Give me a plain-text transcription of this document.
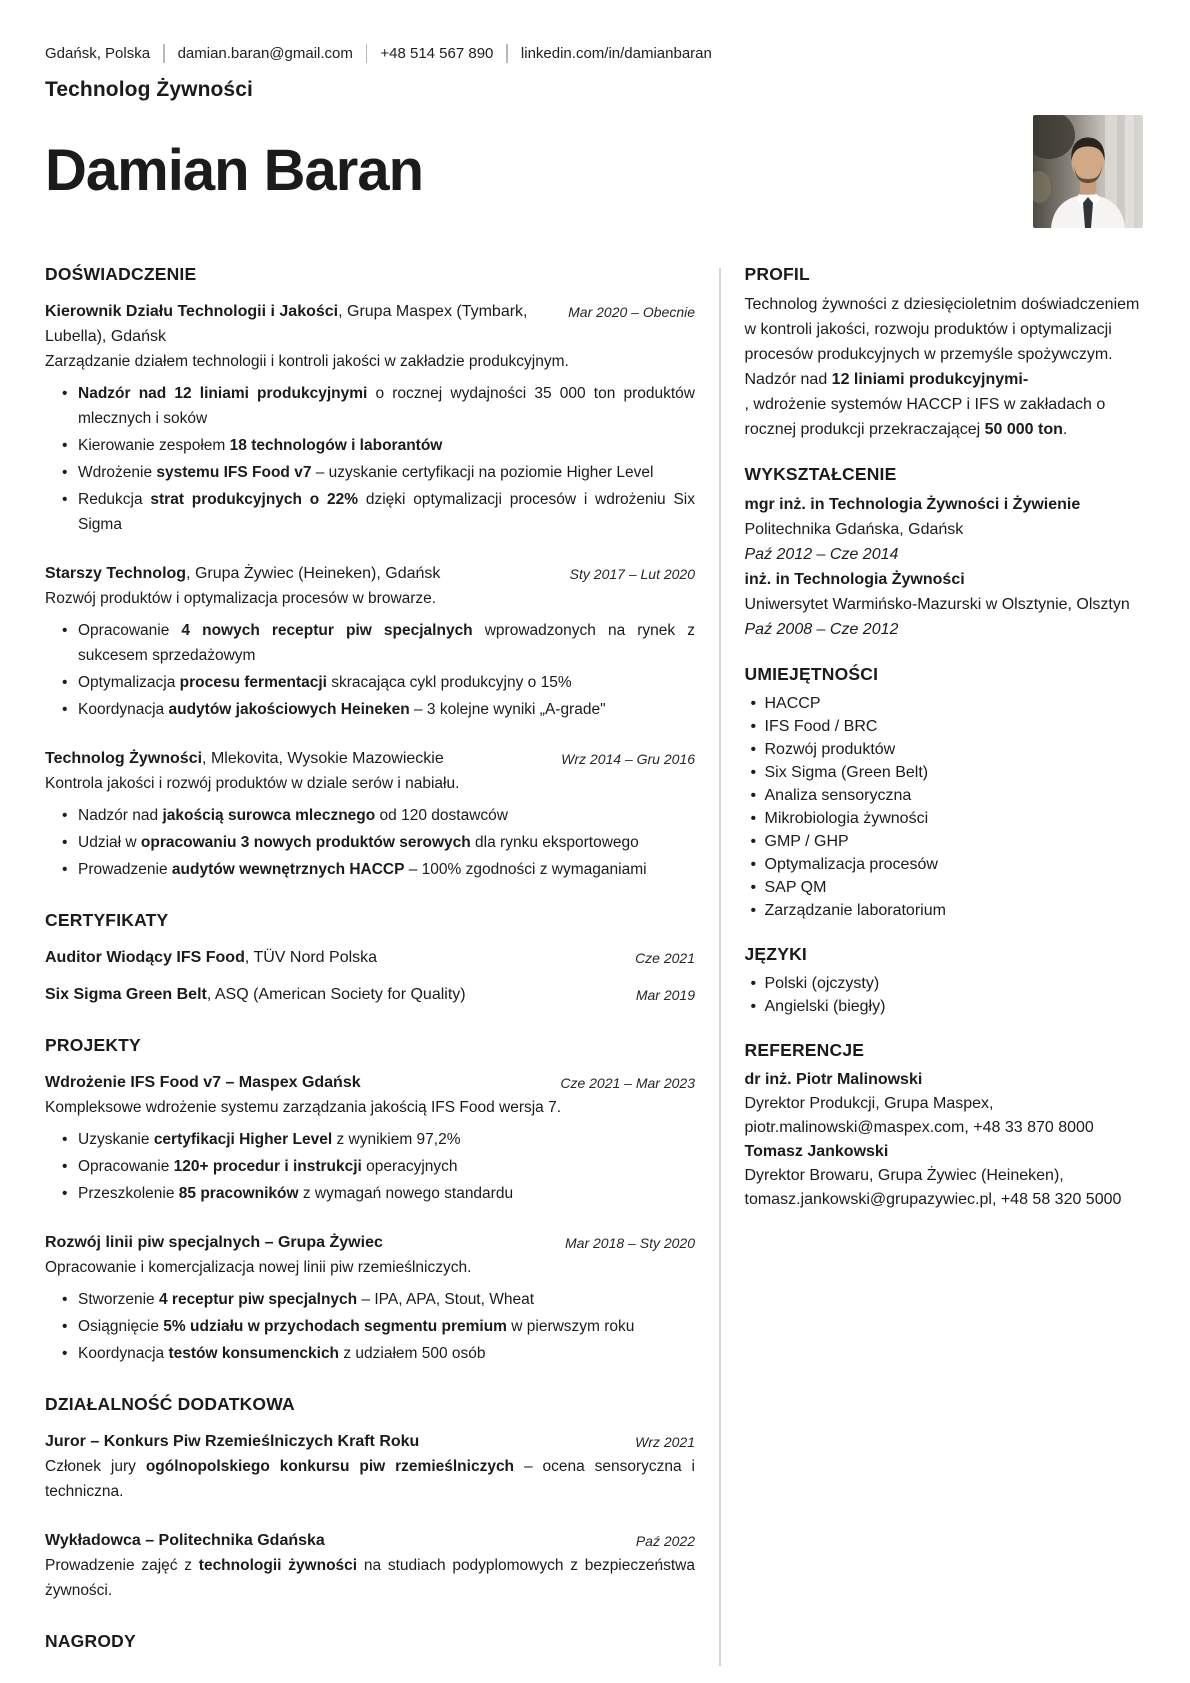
Gdańsk, Polska damian.baran@gmail.com +48 514 567 890 linkedin.com/in/damianbaran
Technolog Żywności
Damian Baran
DOŚWIADCZENIE
Kierownik Działu Technologii i Jakości, Grupa Maspex (Tymbark, Lubella), Gdańsk
Mar 2020 – Obecnie

Zarządzanie działem technologii i kontroli jakości w zakładzie produkcyjnym.

• Nadzór nad 12 liniami produkcyjnymi o rocznej wydajności 35 000 ton produktów mlecznych i soków
• Kierowanie zespołem 18 technologów i laborantów
• Wdrożenie systemu IFS Food v7 – uzyskanie certyfikacji na poziomie Higher Level
• Redukcja strat produkcyjnych o 22% dzięki optymalizacji procesów i wdrożeniu Six Sigma
Starszy Technolog, Grupa Żywiec (Heineken), Gdańsk	Sty 2017 – Lut 2020

Rozwój produktów i optymalizacja procesów w browarze.

• Opracowanie 4 nowych receptur piw specjalnych wprowadzonych na rynek z sukcesem sprzedażowym
• Optymalizacja procesu fermentacji skracająca cykl produkcyjny o 15%
• Koordynacja audytów jakościowych Heineken – 3 kolejne wyniki „A-grade"
Technolog Żywności, Mlekovita, Wysokie Mazowieckie	Wrz 2014 – Gru 2016

Kontrola jakości i rozwój produktów w dziale serów i nabiału.

• Nadzór nad jakością surowca mlecznego od 120 dostawców
• Udział w opracowaniu 3 nowych produktów serowych dla rynku eksportowego
• Prowadzenie audytów wewnętrznych HACCP – 100% zgodności z wymaganiami
CERTYFIKATY
Auditor Wiodący IFS Food, TÜV Nord Polska	Cze 2021
Six Sigma Green Belt, ASQ (American Society for Quality)	Mar 2019
PROJEKTY
Wdrożenie IFS Food v7 – Maspex Gdańsk	Cze 2021 – Mar 2023

Kompleksowe wdrożenie systemu zarządzania jakością IFS Food wersja 7.

• Uzyskanie certyfikacji Higher Level z wynikiem 97,2%
• Opracowanie 120+ procedur i instrukcji operacyjnych
• Przeszkolenie 85 pracowników z wymagań nowego standardu
Rozwój linii piw specjalnych – Grupa Żywiec	Mar 2018 – Sty 2020

Opracowanie i komercjalizacja nowej linii piw rzemieślniczych.

• Stworzenie 4 receptur piw specjalnych – IPA, APA, Stout, Wheat
• Osiągnięcie 5% udziału w przychodach segmentu premium w pierwszym roku
• Koordynacja testów konsumenckich z udziałem 500 osób
DZIAŁALNOŚĆ DODATKOWA
Juror – Konkurs Piw Rzemieślniczych Kraft Roku	Wrz 2021

Członek jury ogólnopolskiego konkursu piw rzemieślniczych – ocena sensoryczna i techniczna.

Wykładowca – Politechnika Gdańska	Paź 2022

Prowadzenie zajęć z technologii żywności na studiach podyplomowych z bezpieczeństwa żywności.

NAGRODY
PROFIL

Technolog żywności z dziesięcioletnim doświadczeniem w kontroli jakości, rozwoju produktów i optymalizacji procesów produkcyjnych w przemyśle spożywczym. Nadzór nad 12 liniami produkcyjnymi-
, wdrożenie systemów HACCP i IFS w zakładach o rocznej produkcji przekraczającej 50 000 ton.

WYKSZTAŁCENIE
mgr inż. in Technologia Żywności i Żywienie
Politechnika Gdańska, Gdańsk
Paź 2012 – Cze 2014
inż. in Technologia Żywności
Uniwersytet Warmińsko-Mazurski w Olsztynie, Olsztyn
Paź 2008 – Cze 2012
UMIEJĘTNOŚCI
• HACCP
• IFS Food / BRC
• Rozwój produktów
• Six Sigma (Green Belt)
• Analiza sensoryczna
• Mikrobiologia żywności
• GMP / GHP
• Optymalizacja procesów
• SAP QM
• Zarządzanie laboratorium
JĘZYKI
• Polski (ojczysty)
• Angielski (biegły)
REFERENCJE
dr inż. Piotr Malinowski
Dyrektor Produkcji, Grupa Maspex, piotr.malinowski@maspex.com, +48 33 870 8000
Tomasz Jankowski
Dyrektor Browaru, Grupa Żywiec (Heineken), tomasz.jankowski@grupazywiec.pl, +48 58 320 5000
